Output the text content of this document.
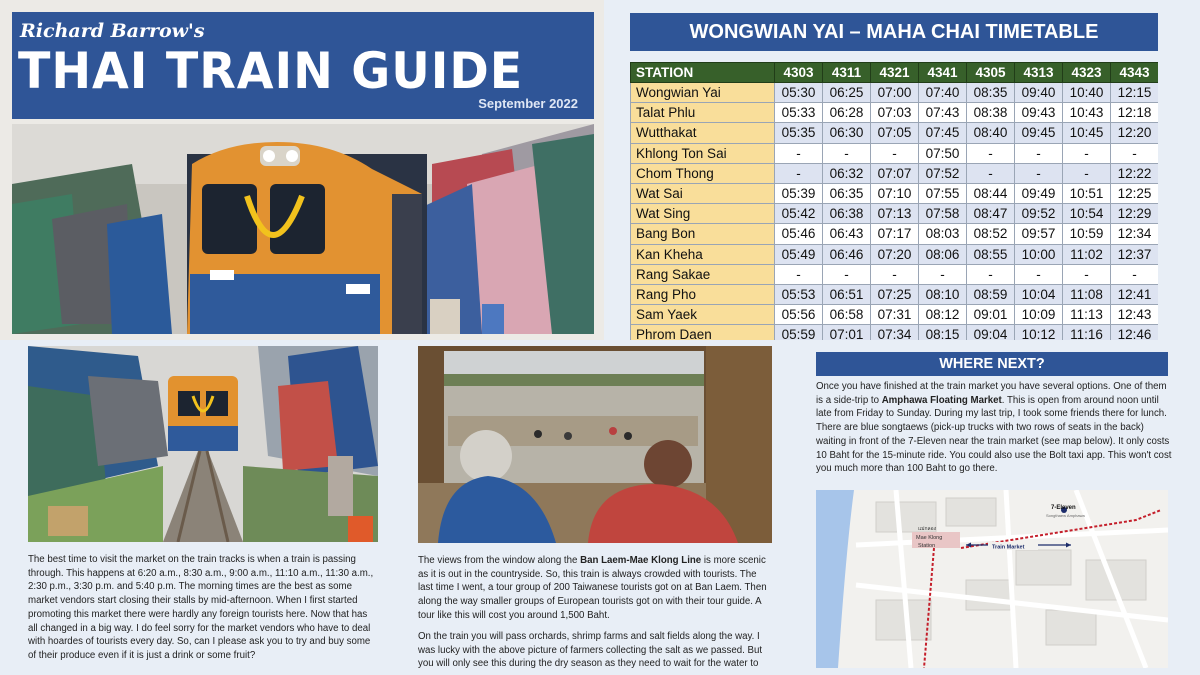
Richard Barrow's
THAI TRAIN GUIDE
September 2022
WONGWIAN YAI – MAHA CHAI TIMETABLE
STATION	4303	4311	4321	4341	4305	4313	4323	4343
Wongwian Yai	05:30	06:25	07:00	07:40	08:35	09:40	10:40	12:15
Talat Phlu	05:33	06:28	07:03	07:43	08:38	09:43	10:43	12:18
Wutthakat	05:35	06:30	07:05	07:45	08:40	09:45	10:45	12:20
Khlong Ton Sai	-	-	-	07:50	-	-	-	-
Chom Thong	-	06:32	07:07	07:52	-	-	-	12:22
Wat Sai	05:39	06:35	07:10	07:55	08:44	09:49	10:51	12:25
Wat Sing	05:42	06:38	07:13	07:58	08:47	09:52	10:54	12:29
Bang Bon	05:46	06:43	07:17	08:03	08:52	09:57	10:59	12:34
Kan Kheha	05:49	06:46	07:20	08:06	08:55	10:00	11:02	12:37
Rang Sakae	-	-	-	-	-	-	-	-
Rang Pho	05:53	06:51	07:25	08:10	08:59	10:04	11:08	12:41
Sam Yaek	05:56	06:58	07:31	08:12	09:01	10:09	11:13	12:43
Phrom Daen	05:59	07:01	07:34	08:15	09:04	10:12	11:16	12:46
The best time to visit the market on the train tracks is when a train is passing through. This happens at 6:20 a.m., 8:30 a.m., 9:00 a.m., 11:10 a.m., 11:30 a.m., 2:30 p.m., 3:30 p.m. and 5:40 p.m. The morning times are the best as some market vendors start closing their stalls by mid-afternoon. When I first started promoting this market there were hardly any foreign tourists here. Now that has all changed in a big way. I do feel sorry for the market vendors who have to deal with hoardes of tourists every day. So, can I please ask you to try and buy some of their produce even if it is just a drink or some fruit?
The views from the window along the Ban Laem-Mae Klong Line is more scenic as it is out in the countryside. So, this train is always crowded with tourists. The last time I went, a tour group of 200 Taiwanese tourists got on at Ban Laem. Then along the way smaller groups of European tourists got on with their tour guide. A tour like this will cost you around 1,500 Baht.
On the train you will pass orchards, shrimp farms and salt fields along the way. I was lucky with the above picture of farmers collecting the salt as we passed. But you will only see this during the dry season as they need to wait for the water to
WHERE NEXT?
Once you have finished at the train market you have several options. One of them is a side-trip to Amphawa Floating Market. This is open from around noon until late from Friday to Sunday. During my last trip, I took some friends there for lunch. There are blue songtaews (pick-up trucks with two rows of seats in the back) waiting in front of the 7-Eleven near the train market (see map below). It only costs 10 Baht for the 15-minute ride. You could also use the Bolt taxi app. This won't cost you much more than 100 Baht to go there.
7-Eleven
Songthaew Amphawa
แม่กลอง
Mae Klong
Station	Train Market
